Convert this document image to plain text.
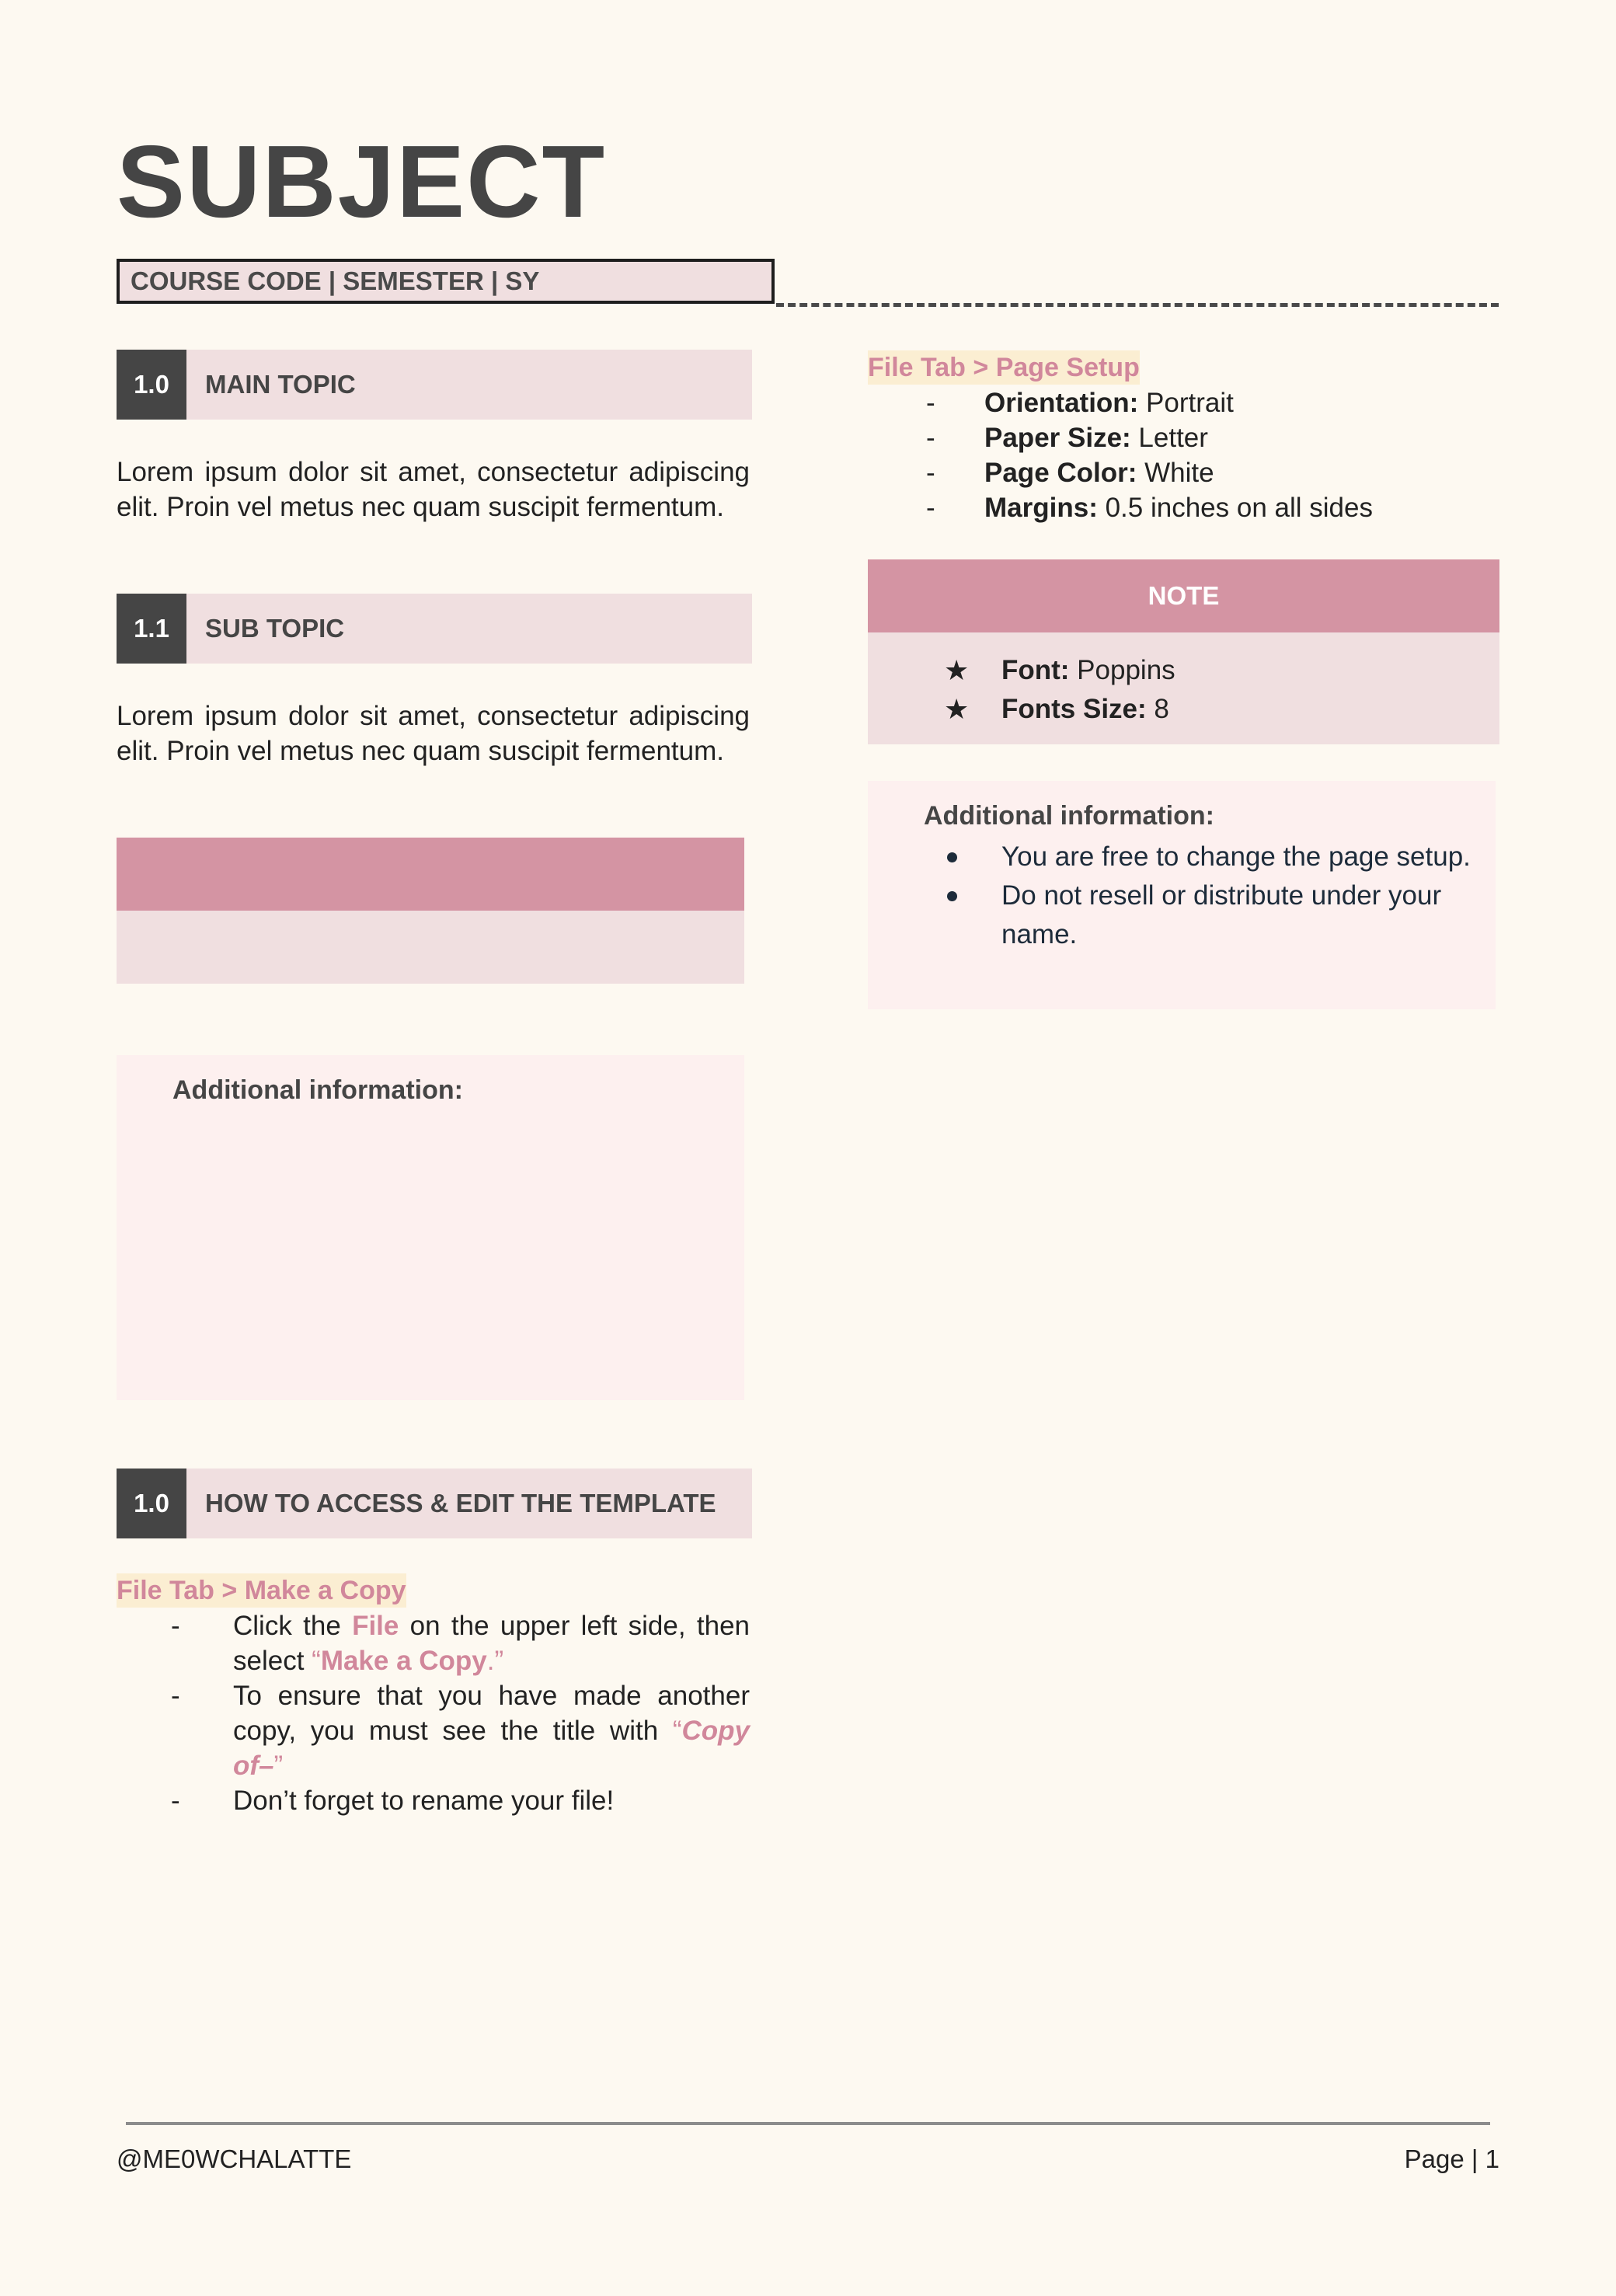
SUBJECT
COURSE CODE | SEMESTER | SY
1.0	MAIN TOPIC
Lorem ipsum dolor sit amet, consectetur adipiscing elit. Proin vel metus nec quam suscipit fermentum.
1.1	SUB TOPIC
Lorem ipsum dolor sit amet, consectetur adipiscing elit. Proin vel metus nec quam suscipit fermentum.
Additional information:
1.0	HOW TO ACCESS & EDIT THE TEMPLATE
File Tab > Make a Copy
- Click the File on the upper left side, then select “Make a Copy.”
- To ensure that you have made another copy, you must see the title with “Copy of–”
- Don’t forget to rename your file!
File Tab > Page Setup
- Orientation: Portrait
- Paper Size: Letter
- Page Color: White
- Margins: 0.5 inches on all sides
NOTE
★ Font: Poppins
★ Fonts Size: 8
Additional information:
You are free to change the page setup.
Do not resell or distribute under your name.
@ME0WCHALATTE	Page | 1
